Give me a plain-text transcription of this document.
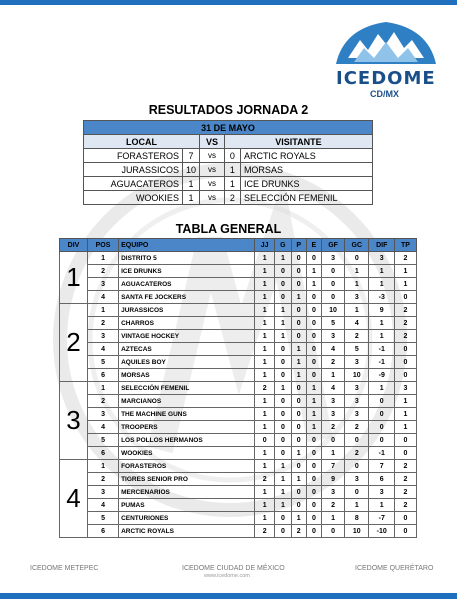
ICEDOME
CD/MX
RESULTADOS JORNADA 2
31 DE MAYO				
LOCAL		VS	VISITANTE	
FORASTEROS	7	vs	0	ARCTIC ROYALS
JURASSICOS	10	vs	1	MORSAS
AGUACATEROS	1	vs	1	ICE DRUNKS
WOOKIES	1	vs	2	SELECCIÓN FEMENIL
TABLA GENERAL
DIV	POS	EQUIPO	JJ	G	P	E	GF	GC	DIF	TP
1	1	DISTRITO 5	1	1	0	0	3	0	3	2
	2	ICE DRUNKS	1	0	0	1	0	1	1	1
	3	AGUACATEROS	1	0	0	1	0	1	1	1
	4	SANTA FE JOCKERS	1	0	1	0	0	3	-3	0
2	1	JURASSICOS	1	1	0	0	10	1	9	2
	2	CHARROS	1	1	0	0	5	4	1	2
	3	VINTAGE HOCKEY	1	1	0	0	3	2	1	2
	4	AZTECAS	1	0	1	0	4	5	-1	0
	5	AQUILES BOY	1	0	1	0	2	3	-1	0
	6	MORSAS	1	0	1	0	1	10	-9	0
3	1	SELECCIÓN FEMENIL	2	1	0	1	4	3	1	3
	2	MARCIANOS	1	0	0	1	3	3	0	1
	3	THE MACHINE GUNS	1	0	0	1	3	3	0	1
	4	TROOPERS	1	0	0	1	2	2	0	1
	5	LOS POLLOS HERMANOS	0	0	0	0	0	0	0	0
	6	WOOKIES	1	0	1	0	1	2	-1	0
4	1	FORASTEROS	1	1	0	0	7	0	7	2
	2	TIGRES SENIOR PRO	2	1	1	0	9	3	6	2
	3	MERCENARIOS	1	1	0	0	3	0	3	2
	4	PUMAS	1	1	0	0	2	1	1	2
	5	CENTURIONES	1	0	1	0	1	8	-7	0
	6	ARCTIC ROYALS	2	0	2	0	0	10	-10	0
ICEDOME METEPEC	ICEDOME CIUDAD DE MÉXICO
www.icedome.com
ICEDOME QUERÉTARO
